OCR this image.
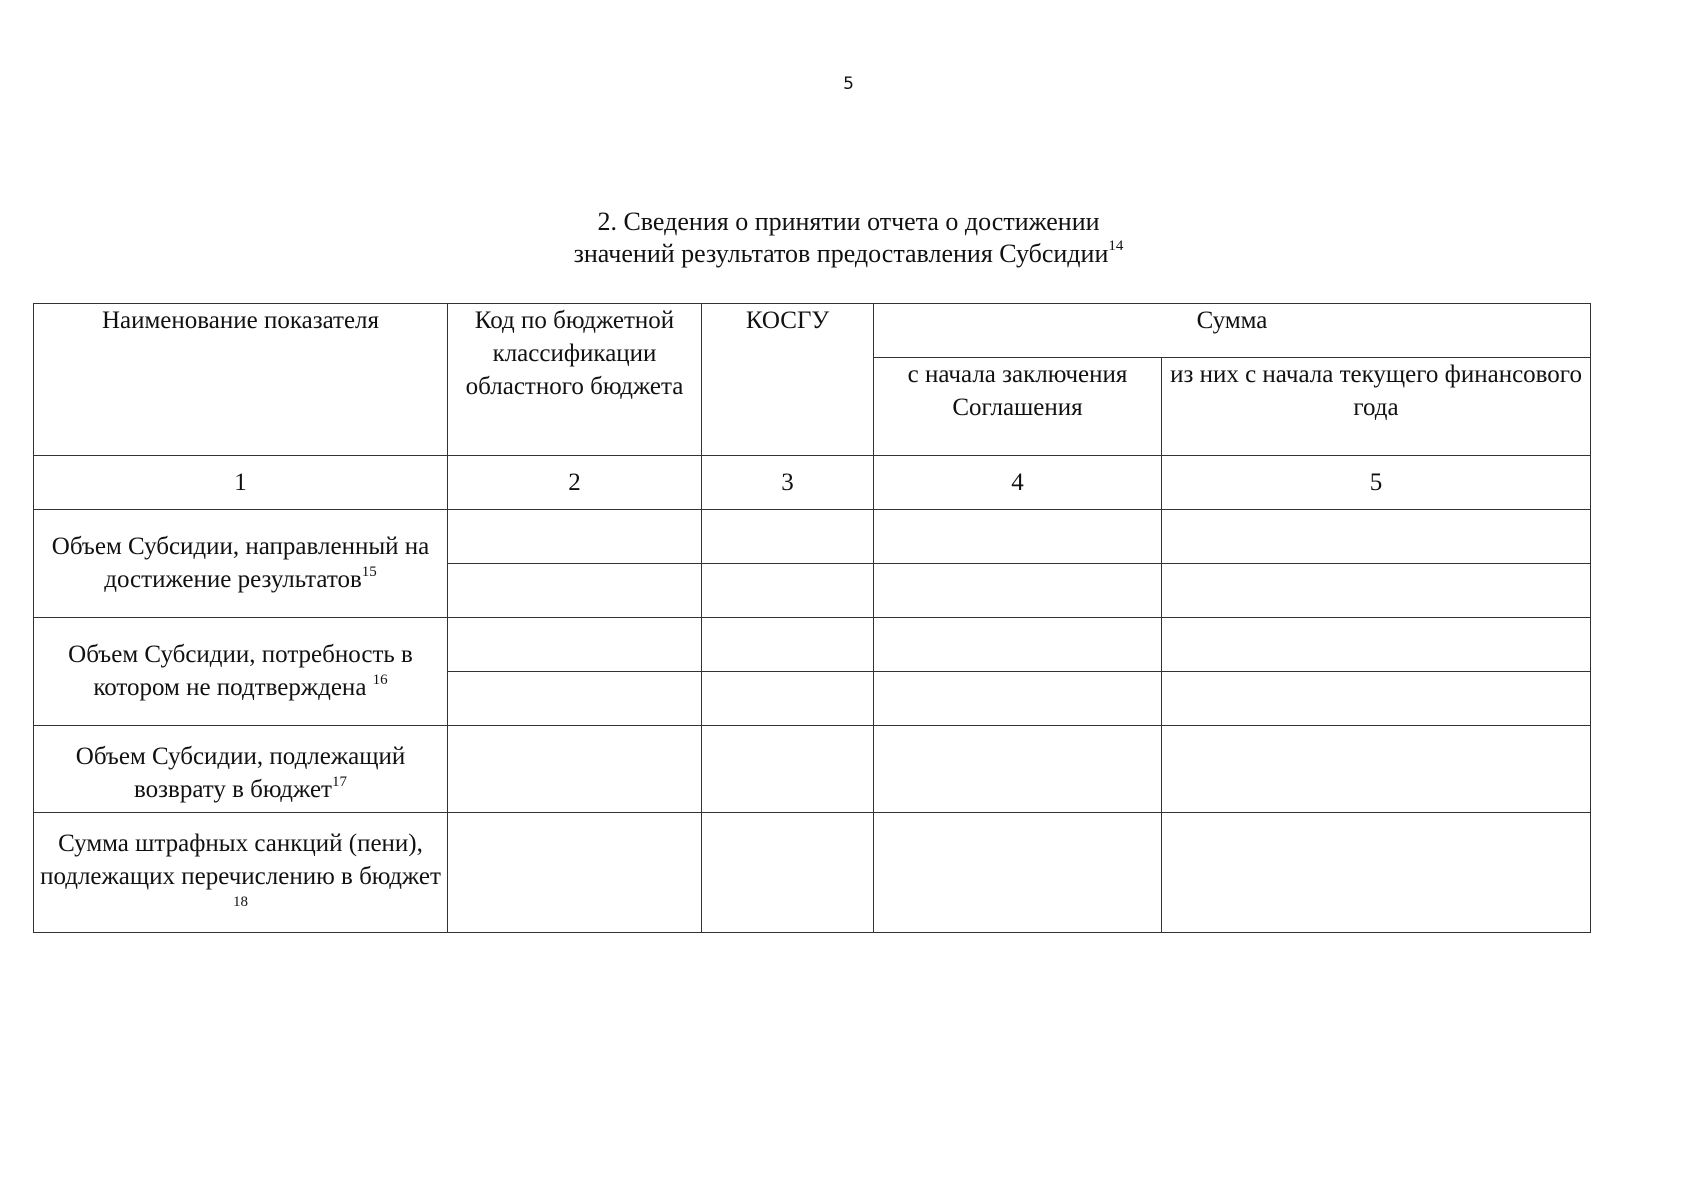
5
2. Сведения о принятии отчета о достижении
значений результатов предоставления Субсидии$^{14}$
Наименование показателя	Код по бюджетной классификации областного бюджета	КОСГУ	Сумма	
			с начала заключения Соглашения	из них с начала текущего финансового года
1	2	3	4	5
Объем Субсидии, направленный на достижение результатов$^{15}$				

Объем Субсидии, потребность в котором не подтверждена $^{16}$				

Объем Субсидии, подлежащий возврату в бюджет$^{17}$				
Сумма штрафных санкций (пени), подлежащих перечислению в бюджет $^{18}$				
